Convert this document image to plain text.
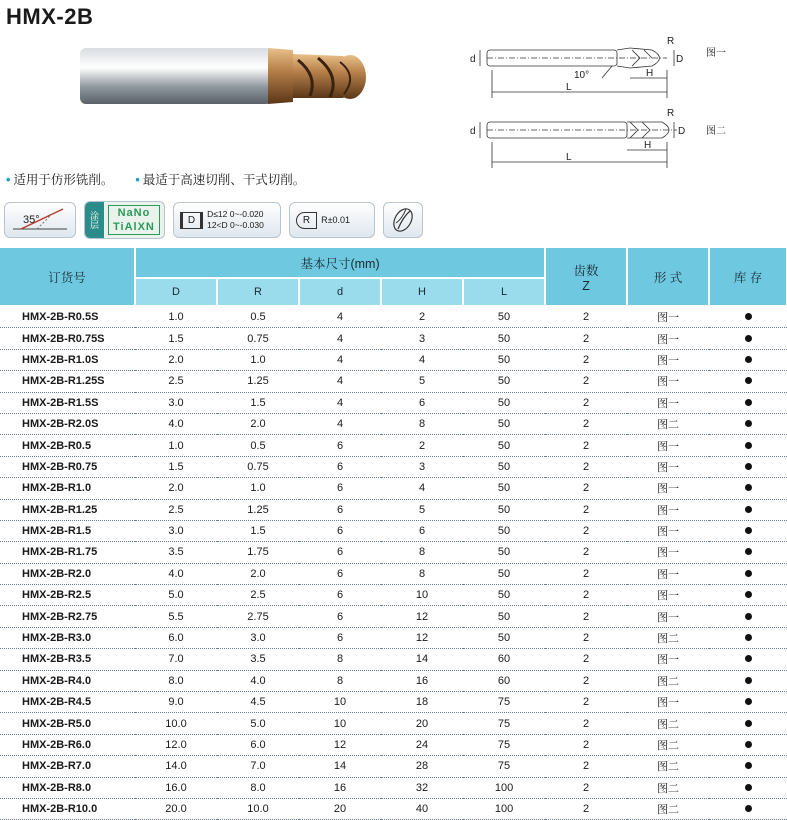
HMX-2B
d
R
D
10°	H
L
图一
d
R
D
H
L
图二
• 适用于仿形铣削。 • 最适于高速切削、干式切削。
35°	涂层	NaNo
TiAlXN
D
D≤12 0~-0.020
12<D 0~-0.030	R	R±0.01
订货号	基本尺寸(mm)					齿数
Z	形 式	库 存
	D	R	d	H	L			
HMX-2B-R0.5S	1.0	0.5	4	2	50	2	图一	
HMX-2B-R0.75S	1.5	0.75	4	3	50	2	图一	
HMX-2B-R1.0S	2.0	1.0	4	4	50	2	图一	
HMX-2B-R1.25S	2.5	1.25	4	5	50	2	图一	
HMX-2B-R1.5S	3.0	1.5	4	6	50	2	图一	
HMX-2B-R2.0S	4.0	2.0	4	8	50	2	图二	
HMX-2B-R0.5	1.0	0.5	6	2	50	2	图一	
HMX-2B-R0.75	1.5	0.75	6	3	50	2	图一	
HMX-2B-R1.0	2.0	1.0	6	4	50	2	图一	
HMX-2B-R1.25	2.5	1.25	6	5	50	2	图一	
HMX-2B-R1.5	3.0	1.5	6	6	50	2	图一	
HMX-2B-R1.75	3.5	1.75	6	8	50	2	图一	
HMX-2B-R2.0	4.0	2.0	6	8	50	2	图一	
HMX-2B-R2.5	5.0	2.5	6	10	50	2	图一	
HMX-2B-R2.75	5.5	2.75	6	12	50	2	图一	
HMX-2B-R3.0	6.0	3.0	6	12	50	2	图二	
HMX-2B-R3.5	7.0	3.5	8	14	60	2	图一	
HMX-2B-R4.0	8.0	4.0	8	16	60	2	图二	
HMX-2B-R4.5	9.0	4.5	10	18	75	2	图一	
HMX-2B-R5.0	10.0	5.0	10	20	75	2	图二	
HMX-2B-R6.0	12.0	6.0	12	24	75	2	图二	
HMX-2B-R7.0	14.0	7.0	14	28	75	2	图二	
HMX-2B-R8.0	16.0	8.0	16	32	100	2	图二	
HMX-2B-R10.0	20.0	10.0	20	40	100	2	图二	
